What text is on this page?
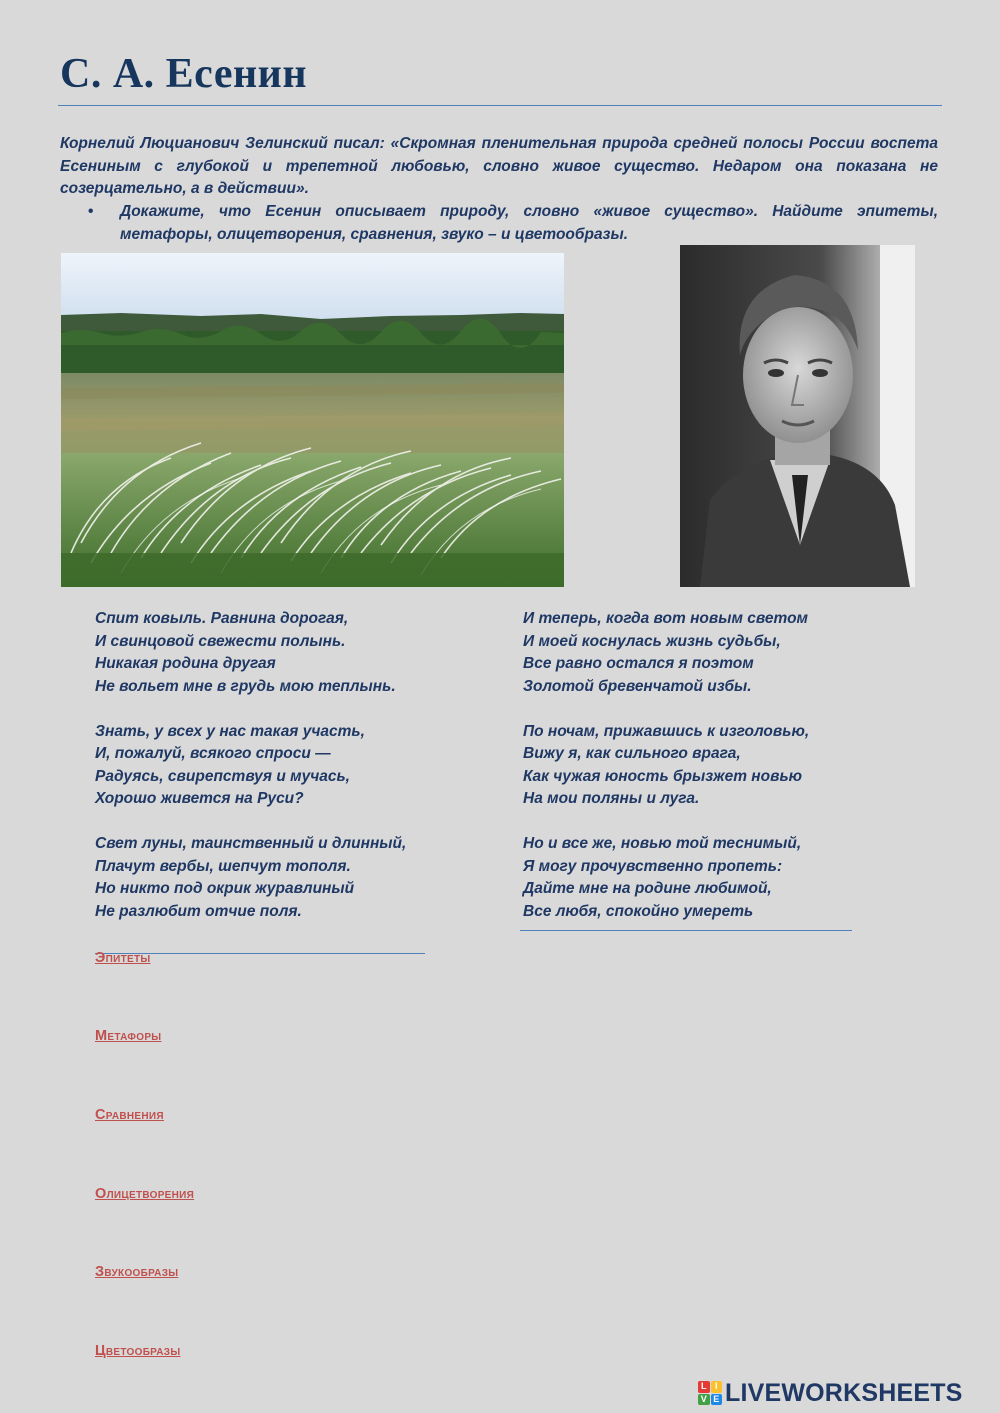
С. А. Есенин

Корнелий Люцианович Зелинский писал: «Скромная пленительная природа средней полосы России воспета Есениным с глубокой и трепетной любовью, словно живое существо. Недаром она показана не созерцательно, а в действии».

• Докажите, что Есенин описывает природу, словно «живое существо». Найдите эпитеты, метафоры, олицетворения, сравнения, звуко – и цветообразы.

Спит ковыль. Равнина дорогая,
И свинцовой свежести полынь.
Никакая родина другая
Не вольет мне в грудь мою теплынь.

Знать, у всех у нас такая участь,
И, пожалуй, всякого спроси —
Радуясь, свирепствуя и мучась,
Хорошо живется на Руси?

Свет луны, таинственный и длинный,
Плачут вербы, шепчут тополя.
Но никто под окрик журавлиный
Не разлюбит отчие поля.

И теперь, когда вот новым светом
И моей коснулась жизнь судьбы,
Все равно остался я поэтом
Золотой бревенчатой избы.

По ночам, прижавшись к изголовью,
Вижу я, как сильного врага,
Как чужая юность брызжет новью
На мои поляны и луга.

Но и все же, новью той теснимый,
Я могу прочувственно пропеть:
Дайте мне на родине любимой,
Все любя, спокойно умереть

Эпитеты
Метафоры
Сравнения
Олицетворения
Звукообразы
Цветообразы
L I
V E LIVEWORKSHEETS
